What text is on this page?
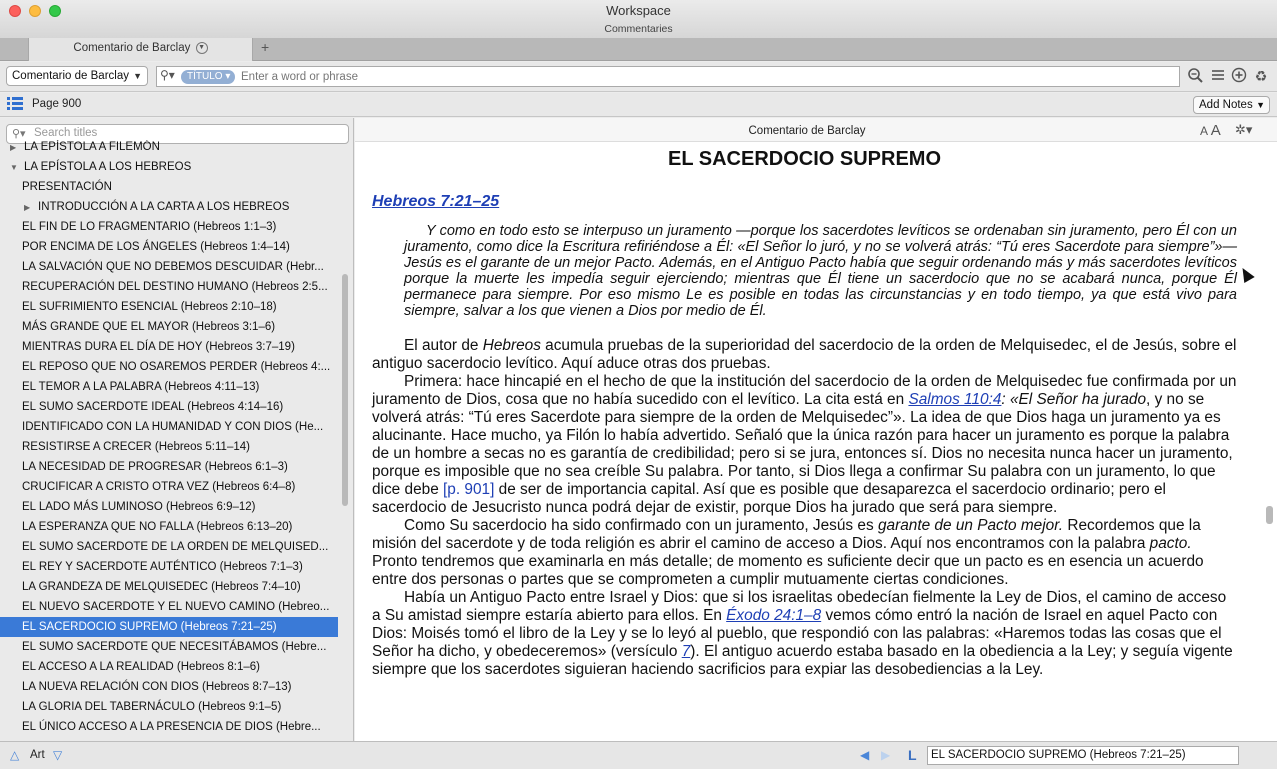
Workspace
Commentaries
Comentario de Barclay ▼	+
Comentario de Barclay ▼ ⚲▾	TÍTULO ▾
Enter a word or phrase	♻
Page 900	Add Notes ▼
⚲▾
Search titles
▶ LA EPÍSTOLA A FILEMÓN
▼ LA EPÍSTOLA A LOS HEBREOS
PRESENTACIÓN
▶ INTRODUCCIÓN A LA CARTA A LOS HEBREOS
EL FIN DE LO FRAGMENTARIO (Hebreos 1:1–3)
POR ENCIMA DE LOS ÁNGELES (Hebreos 1:4–14)
LA SALVACIÓN QUE NO DEBEMOS DESCUIDAR (Hebr...
RECUPERACIÓN DEL DESTINO HUMANO (Hebreos 2:5...
EL SUFRIMIENTO ESENCIAL (Hebreos 2:10–18)
MÁS GRANDE QUE EL MAYOR (Hebreos 3:1–6)
MIENTRAS DURA EL DÍA DE HOY (Hebreos 3:7–19)
EL REPOSO QUE NO OSAREMOS PERDER (Hebreos 4:...
EL TEMOR A LA PALABRA (Hebreos 4:11–13)
EL SUMO SACERDOTE IDEAL (Hebreos 4:14–16)
IDENTIFICADO CON LA HUMANIDAD Y CON DIOS (He...
RESISTIRSE A CRECER (Hebreos 5:11–14)
LA NECESIDAD DE PROGRESAR (Hebreos 6:1–3)
CRUCIFICAR A CRISTO OTRA VEZ (Hebreos 6:4–8)
EL LADO MÁS LUMINOSO (Hebreos 6:9–12)
LA ESPERANZA QUE NO FALLA (Hebreos 6:13–20)
EL SUMO SACERDOTE DE LA ORDEN DE MELQUISED...
EL REY Y SACERDOTE AUTÉNTICO (Hebreos 7:1–3)
LA GRANDEZA DE MELQUISEDEC (Hebreos 7:4–10)
EL NUEVO SACERDOTE Y EL NUEVO CAMINO (Hebreo...
EL SACERDOCIO SUPREMO (Hebreos 7:21–25)
EL SUMO SACERDOTE QUE NECESITÁBAMOS (Hebre...
EL ACCESO A LA REALIDAD (Hebreos 8:1–6)
LA NUEVA RELACIÓN CON DIOS (Hebreos 8:7–13)
LA GLORIA DEL TABERNÁCULO (Hebreos 9:1–5)
EL ÚNICO ACCESO A LA PRESENCIA DE DIOS (Hebre...
Comentario de Barclay	A A ✲▾
EL SACERDOCIO SUPREMO
Hebreos 7:21–25
Y como en todo esto se interpuso un juramento —porque los sacerdotes levíticos se ordenaban sin juramento, pero Él con un juramento, como dice la Escritura refiriéndose a Él: «El Señor lo juró, y no se volverá atrás: “Tú eres Sacerdote para siempre”»— Jesús es el garante de un mejor Pacto. Además, en el Antiguo Pacto había que seguir ordenando más y más sacerdotes levíticos porque la muerte les impedía seguir ejerciendo; mientras que Él tiene un sacerdocio que no se acabará nunca, porque Él permanece para siempre. Por eso mismo Le es posible en todas las circunstancias y en todo tiempo, ya que está vivo para siempre, salvar a los que vienen a Dios por medio de Él.

El autor de Hebreos acumula pruebas de la superioridad del sacerdocio de la orden de Melquisedec, el de Jesús, sobre el antiguo sacerdocio levítico. Aquí aduce otras dos pruebas.

Primera: hace hincapié en el hecho de que la institución del sacerdocio de la orden de Melquisedec fue confirmada por un juramento de Dios, cosa que no había sucedido con el levítico. La cita está en Salmos 110:4: «El Señor ha jurado, y no se volverá atrás: “Tú eres Sacerdote para siempre de la orden de Melquisedec”». La idea de que Dios haga un juramento ya es alucinante. Hace mucho, ya Filón lo había advertido. Señaló que la única razón para hacer un juramento es porque la palabra de un hombre a secas no es garantía de credibilidad; pero si se jura, entonces sí. Dios no necesita nunca hacer un juramento, porque es imposible que no sea creíble Su palabra. Por tanto, si Dios llega a confirmar Su palabra con un juramento, lo que dice debe [p. 901] de ser de importancia capital. Así que es posible que desaparezca el sacerdocio ordinario; pero el sacerdocio de Jesucristo nunca podrá dejar de existir, porque Dios ha jurado que será para siempre.

Como Su sacerdocio ha sido confirmado con un juramento, Jesús es garante de un Pacto mejor. Recordemos que la misión del sacerdote y de toda religión es abrir el camino de acceso a Dios. Aquí nos encontramos con la palabra pacto. Pronto tendremos que examinarla en más detalle; de momento es suficiente decir que un pacto es en esencia un acuerdo entre dos personas o partes que se comprometen a cumplir mutuamente ciertas condiciones.

Había un Antiguo Pacto entre Israel y Dios: que si los israelitas obedecían fielmente la Ley de Dios, el camino de acceso a Su amistad siempre estaría abierto para ellos. En Éxodo 24:1–8 vemos cómo entró la nación de Israel en aquel Pacto con Dios: Moisés tomó el libro de la Ley y se lo leyó al pueblo, que respondió con las palabras: «Haremos todas las cosas que el Señor ha dicho, y obedeceremos» (versículo 7). El antiguo acuerdo estaba basado en la obediencia a la Ley; y seguía vigente siempre que los sacerdotes siguieran haciendo sacrificios para expiar las desobediencias a la Ley.

△ Art ▽	◀ ▶ L	EL SACERDOCIO SUPREMO (Hebreos 7:21–25)
